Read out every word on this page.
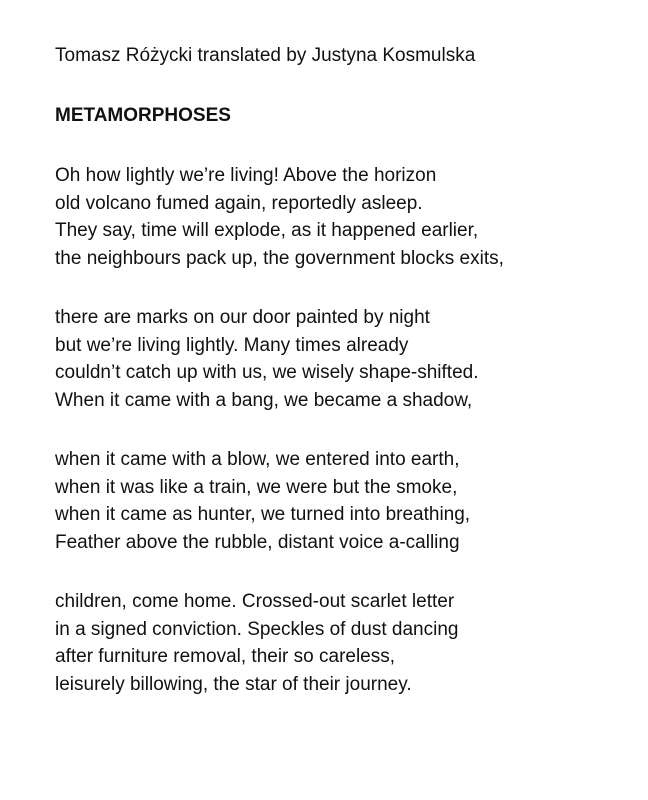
Tomasz Różycki translated by Justyna Kosmulska

METAMORPHOSES
Oh how lightly we’re living! Above the horizon
old volcano fumed again, reportedly asleep.
They say, time will explode, as it happened earlier,
the neighbours pack up, the government blocks exits,
there are marks on our door painted by night
but we’re living lightly. Many times already
couldn’t catch up with us, we wisely shape-shifted.
When it came with a bang, we became a shadow,
when it came with a blow, we entered into earth,
when it was like a train, we were but the smoke,
when it came as hunter, we turned into breathing,
Feather above the rubble, distant voice a-calling
children, come home. Crossed-out scarlet letter
in a signed conviction. Speckles of dust dancing
after furniture removal, their so careless,
leisurely billowing, the star of their journey.
